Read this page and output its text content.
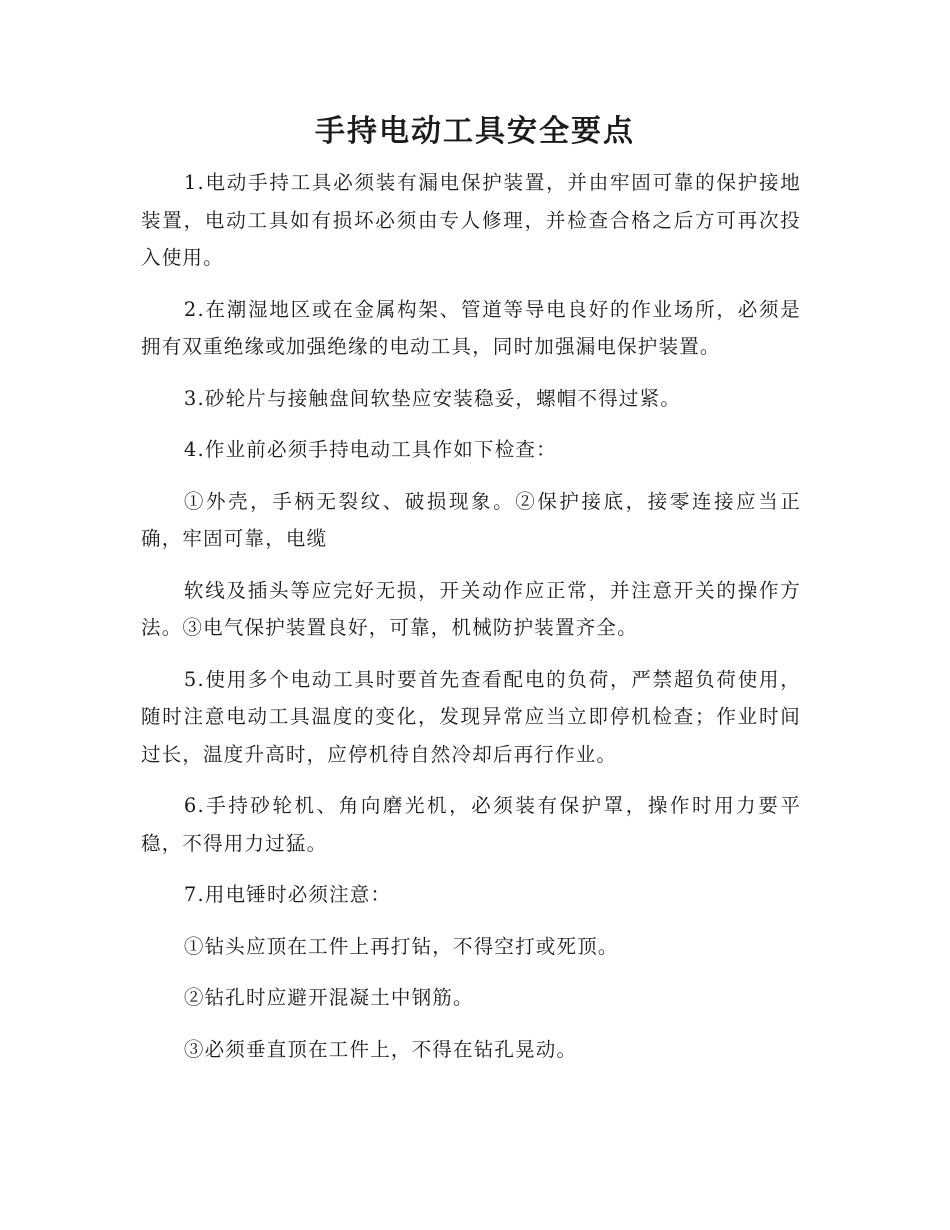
手持电动工具安全要点

1.电动手持工具必须装有漏电保护装置，并由牢固可靠的保护接地装置，电动工具如有损坏必须由专人修理，并检查合格之后方可再次投入使用。

2.在潮湿地区或在金属构架、管道等导电良好的作业场所，必须是拥有双重绝缘或加强绝缘的电动工具，同时加强漏电保护装置。

3.砂轮片与接触盘间软垫应安装稳妥，螺帽不得过紧。

4.作业前必须手持电动工具作如下检查：

①外壳，手柄无裂纹、破损现象。②保护接底，接零连接应当正确，牢固可靠，电缆

软线及插头等应完好无损，开关动作应正常，并注意开关的操作方法。③电气保护装置良好，可靠，机械防护装置齐全。

5.使用多个电动工具时要首先查看配电的负荷，严禁超负荷使用，随时注意电动工具温度的变化，发现异常应当立即停机检查；作业时间过长，温度升高时，应停机待自然冷却后再行作业。

6.手持砂轮机、角向磨光机，必须装有保护罩，操作时用力要平稳，不得用力过猛。

7.用电锤时必须注意：

①钻头应顶在工件上再打钻，不得空打或死顶。

②钻孔时应避开混凝土中钢筋。

③必须垂直顶在工件上，不得在钻孔晃动。
